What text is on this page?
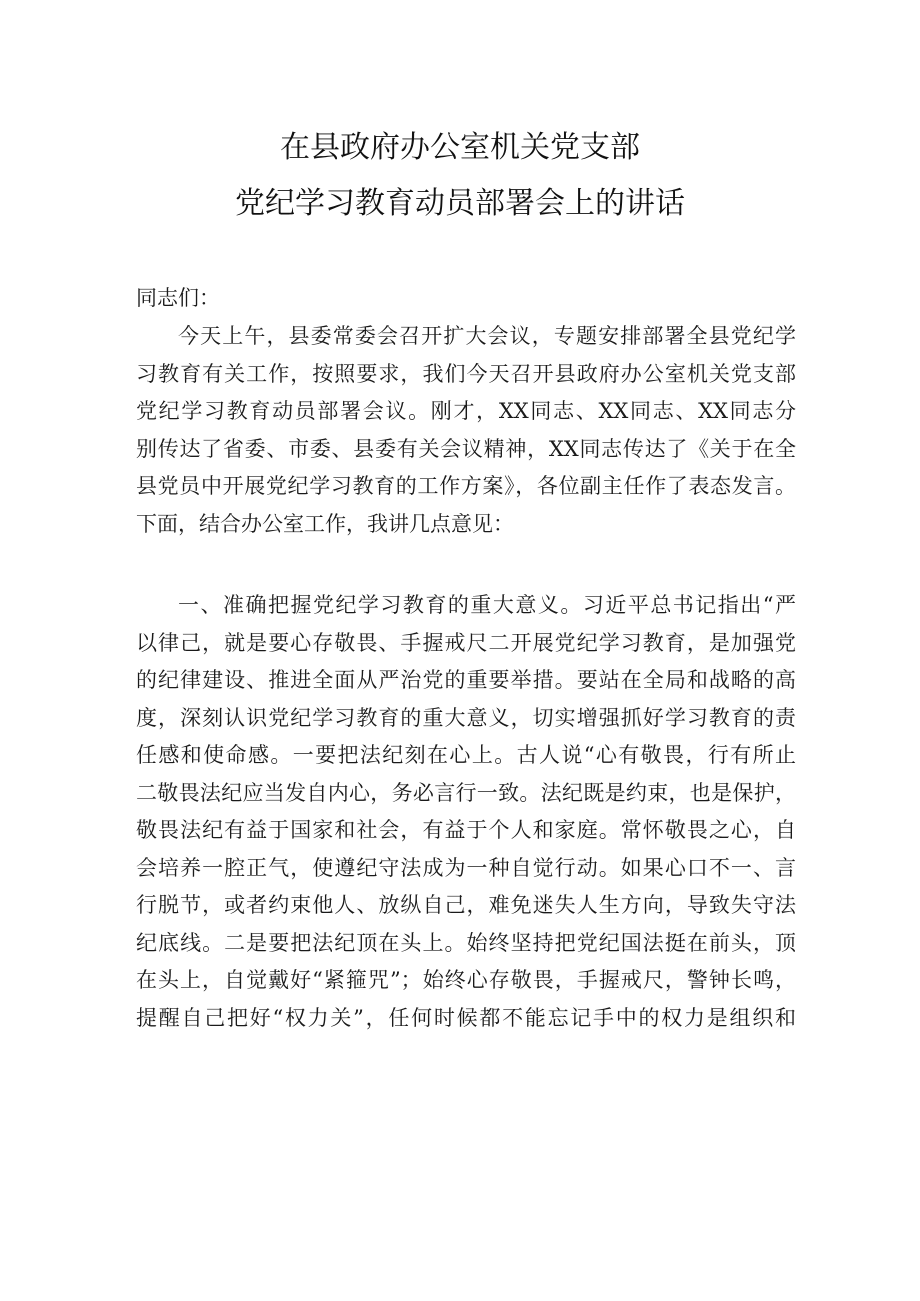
在县政府办公室机关党支部
党纪学习教育动员部署会上的讲话
同志们：
今天上午，县委常委会召开扩大会议，专题安排部署全县党纪学
习教育有关工作，按照要求，我们今天召开县政府办公室机关党支部
党纪学习教育动员部署会议。刚才，XX同志、XX同志、XX同志分
别传达了省委、市委、县委有关会议精神，XX同志传达了《关于在全
县党员中开展党纪学习教育的工作方案》，各位副主任作了表态发言。
下面，结合办公室工作，我讲几点意见：
一、准确把握党纪学习教育的重大意义。习近平总书记指出“严
以律己，就是要心存敬畏、手握戒尺二开展党纪学习教育，是加强党
的纪律建设、推进全面从严治党的重要举措。要站在全局和战略的高
度，深刻认识党纪学习教育的重大意义，切实增强抓好学习教育的责
任感和使命感。一要把法纪刻在心上。古人说“心有敬畏，行有所止
二敬畏法纪应当发自内心，务必言行一致。法纪既是约束，也是保护，
敬畏法纪有益于国家和社会，有益于个人和家庭。常怀敬畏之心，自
会培养一腔正气，使遵纪守法成为一种自觉行动。如果心口不一、言
行脱节，或者约束他人、放纵自己，难免迷失人生方向，导致失守法
纪底线。二是要把法纪顶在头上。始终坚持把党纪国法挺在前头，顶
在头上，自觉戴好“紧箍咒”；始终心存敬畏，手握戒尺，警钟长鸣，
提醒自己把好“权力关”，任何时候都不能忘记手中的权力是组织和
